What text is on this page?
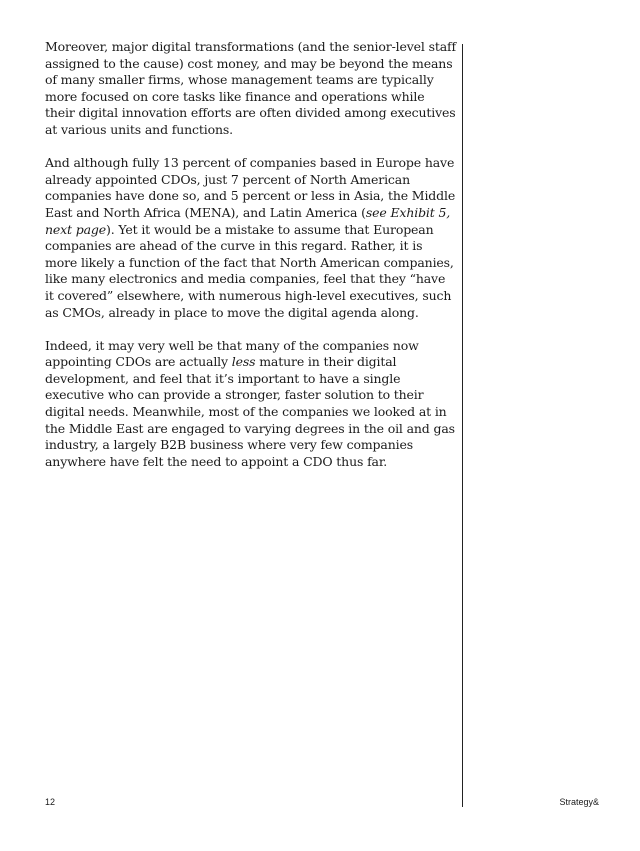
Moreover, major digital transformations (and the senior-level staff assigned to the cause) cost money, and may be beyond the means of many smaller firms, whose management teams are typically more focused on core tasks like finance and operations while their digital innovation efforts are often divided among executives at various units and functions.

And although fully 13 percent of companies based in Europe have already appointed CDOs, just 7 percent of North American companies have done so, and 5 percent or less in Asia, the Middle East and North Africa (MENA), and Latin America (see Exhibit 5, next page). Yet it would be a mistake to assume that European companies are ahead of the curve in this regard. Rather, it is more likely a function of the fact that North American companies, like many electronics and media companies, feel that they “have it covered” elsewhere, with numerous high-level executives, such as CMOs, already in place to move the digital agenda along.

Indeed, it may very well be that many of the companies now appointing CDOs are actually less mature in their digital development, and feel that it’s important to have a single executive who can provide a stronger, faster solution to their digital needs. Meanwhile, most of the companies we looked at in the Middle East are engaged to varying degrees in the oil and gas industry, a largely B2B business where very few companies anywhere have felt the need to appoint a CDO thus far.

12	Strategy&
